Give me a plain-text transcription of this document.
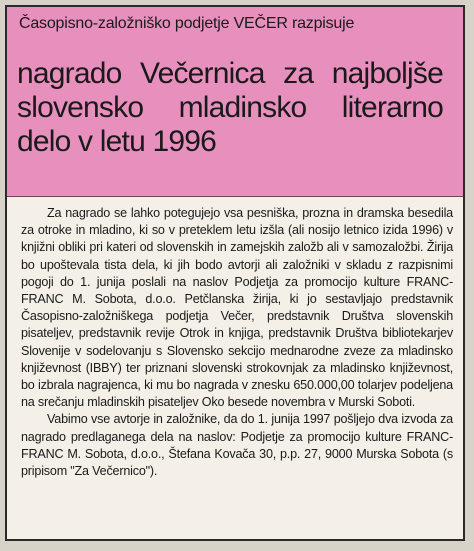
Časopisno-založniško podjetje VEČER razpisuje
nagrado Večernica za najboljše
slovensko mladinsko literarno
delo v letu 1996

Za nagrado se lahko potegujejo vsa pesniška, prozna in dramska besedila za otroke in mladino, ki so v preteklem letu izšla (ali nosijo letnico izida 1996) v knjižni obliki pri kateri od slovenskih in zamejskih založb ali v samozaložbi. Žirija bo upoštevala tista dela, ki jih bodo avtorji ali založniki v skladu z razpisnimi pogoji do 1. junija poslali na naslov Podjetja za promocijo kulture FRANC-FRANC M. Sobota, d.o.o. Petčlanska žirija, ki jo sestavljajo predstavnik Časopisno-založniškega podjetja Večer, predstavnik Društva slovenskih pisateljev, predstavnik revije Otrok in knjiga, predstavnik Društva bibliotekarjev Slovenije v sodelovanju s Slovensko sekcijo mednarodne zveze za mladinsko književnost (IBBY) ter priznani slovenski strokovnjak za mladinsko književnost, bo izbrala nagrajenca, ki mu bo nagrada v znesku 650.000,00 tolarjev podeljena na srečanju mladinskih pisateljev Oko besede novembra v Murski Soboti.

Vabimo vse avtorje in založnike, da do 1. junija 1997 pošljejo dva izvoda za nagrado predlaganega dela na naslov: Podjetje za promocijo kulture FRANC-FRANC M. Sobota, d.o.o., Štefana Kovača 30, p.p. 27, 9000 Murska Sobota (s pripisom "Za Večernico").
